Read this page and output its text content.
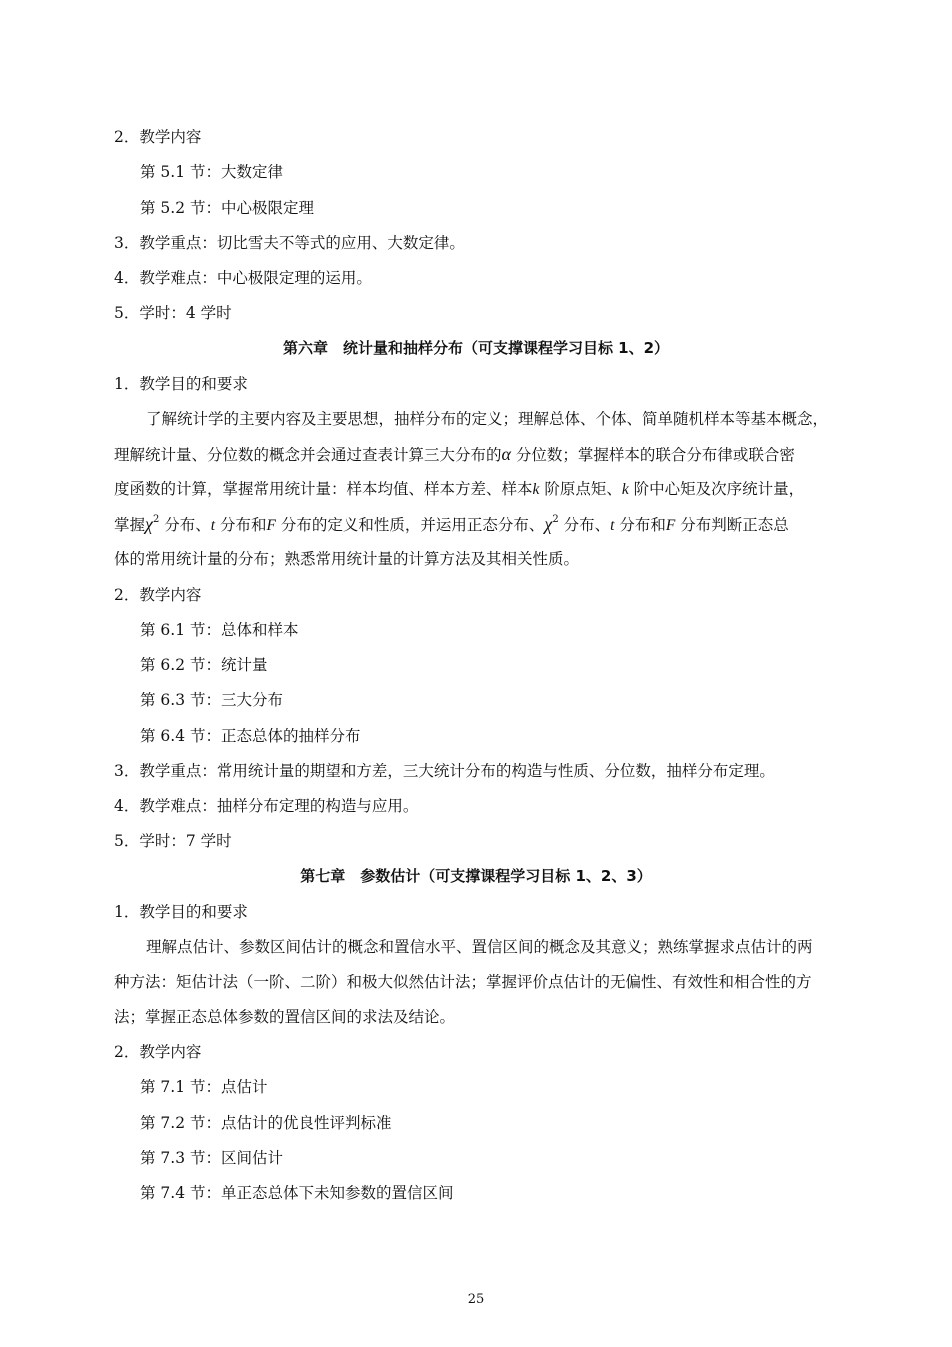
2．教学内容
第 5.1 节：大数定律
第 5.2 节：中心极限定理
3．教学重点：切比雪夫不等式的应用、大数定律。
4．教学难点：中心极限定理的运用。
5．学时：4 学时
第六章　统计量和抽样分布（可支撑课程学习目标 1、2）
1．教学目的和要求
了解统计学的主要内容及主要思想，抽样分布的定义；理解总体、个体、简单随机样本等基本概念，
理解统计量、分位数的概念并会通过查表计算三大分布的α 分位数；掌握样本的联合分布律或联合密
度函数的计算，掌握常用统计量：样本均值、样本方差、样本k 阶原点矩、k 阶中心矩及次序统计量，
掌握$\chi^2$ 分布、t 分布和F 分布的定义和性质，并运用正态分布、$\chi^2$ 分布、t 分布和F 分布判断正态总
体的常用统计量的分布；熟悉常用统计量的计算方法及其相关性质。
2．教学内容
第 6.1 节：总体和样本
第 6.2 节：统计量
第 6.3 节：三大分布
第 6.4 节：正态总体的抽样分布
3．教学重点：常用统计量的期望和方差，三大统计分布的构造与性质、分位数，抽样分布定理。
4．教学难点：抽样分布定理的构造与应用。
5．学时：7 学时
第七章　参数估计（可支撑课程学习目标 1、2、3）
1．教学目的和要求
理解点估计、参数区间估计的概念和置信水平、置信区间的概念及其意义；熟练掌握求点估计的两
种方法：矩估计法（一阶、二阶）和极大似然估计法；掌握评价点估计的无偏性、有效性和相合性的方
法；掌握正态总体参数的置信区间的求法及结论。
2．教学内容
第 7.1 节：点估计
第 7.2 节：点估计的优良性评判标准
第 7.3 节：区间估计
第 7.4 节：单正态总体下未知参数的置信区间
25
